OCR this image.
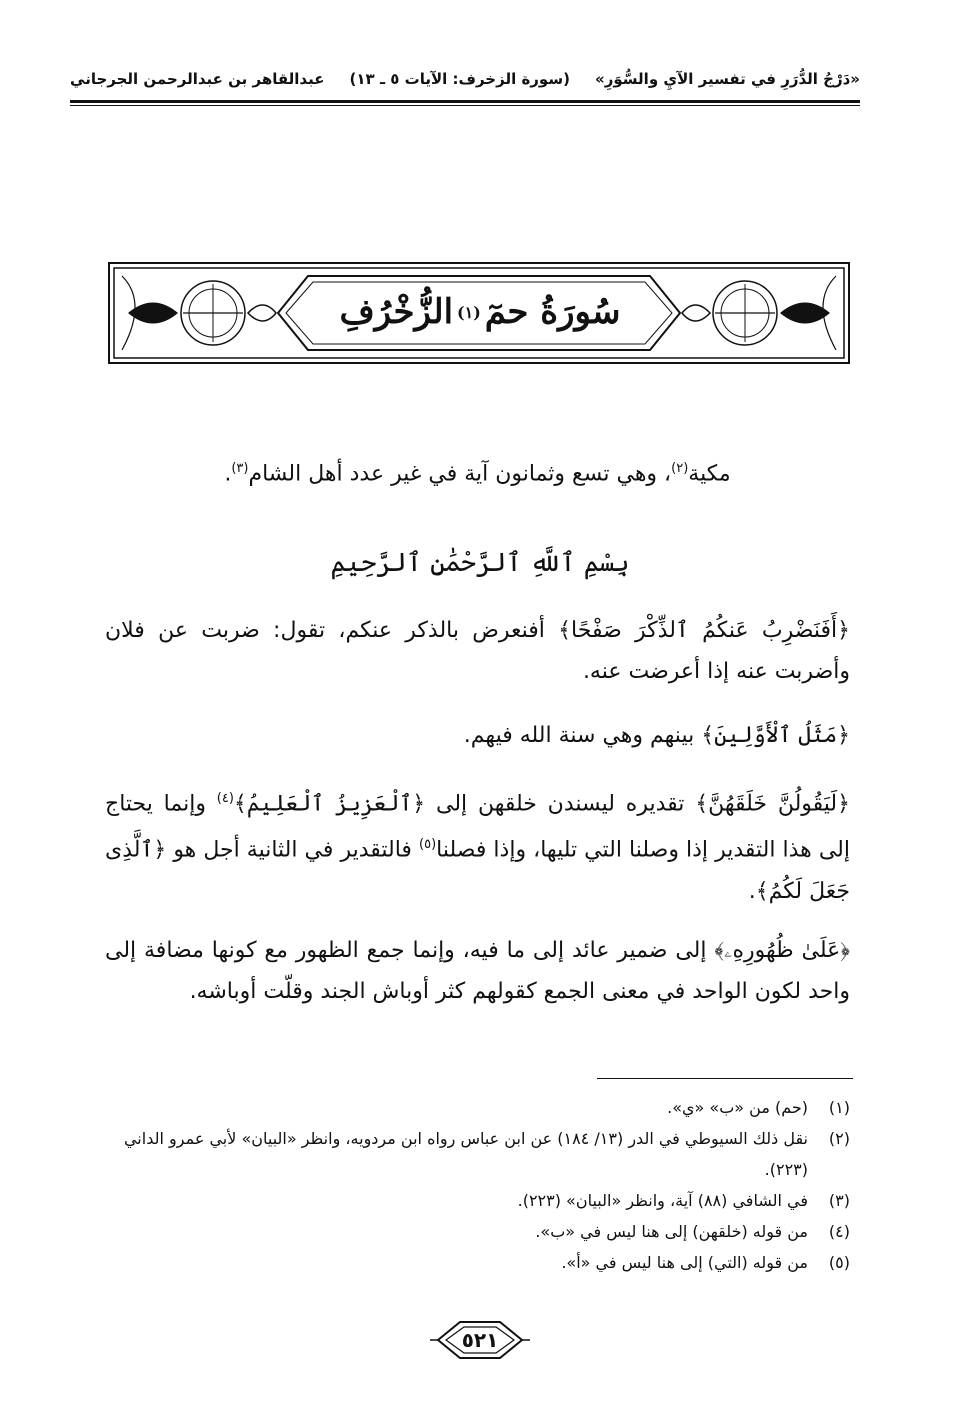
«دَرْجُ الدُّرَرِ في تفسير الآيِ والسُّوَرِ»
(سورة الزخرف: الآيات ٥ ـ ١٣)
عبدالقاهر بن عبدالرحمن الجرجاني
سُورَةُ حمٓ
(١)
الزُّخْرُفِ
مكية$^{(٢)}$، وهي تسع وثمانون آية في غير عدد أهل الشام$^{(٣)}$.
بِسْمِ ٱللَّهِ ٱلرَّحْمَٰنِ ٱلرَّحِيمِ
﴿أَفَنَضْرِبُ عَنكُمُ ٱلذِّكْرَ صَفْحًا﴾ أفنعرض بالذكر عنكم، تقول: ضربت عن فلان وأضربت عنه إذا أعرضت عنه.
﴿مَثَلُ ٱلْأَوَّلِينَ﴾ بينهم وهي سنة الله فيهم.
﴿لَيَقُولُنَّ خَلَقَهُنَّ﴾ تقديره ليسندن خلقهن إلى ﴿ٱلْعَزِيزُ ٱلْعَلِيمُ﴾$^{(٤)}$ وإنما يحتاج إلى هذا التقدير إذا وصلنا التي تليها، وإذا فصلنا$^{(٥)}$ فالتقدير في الثانية أجل هو ﴿ٱلَّذِى جَعَلَ لَكُمُ﴾.
﴿عَلَىٰ ظُهُورِهِۦ﴾ إلى ضمير عائد إلى ما فيه، وإنما جمع الظهور مع كونها مضافة إلى واحد لكون الواحد في معنى الجمع كقولهم كثر أوباش الجند وقلّت أوباشه.
(١)
(حم) من «ب» «ي».
(٢)
نقل ذلك السيوطي في الدر (١٣/ ١٨٤) عن ابن عباس رواه ابن مردويه، وانظر «البيان» لأبي عمرو الداني (٢٢٣).
(٣)
في الشافي (٨٨) آية، وانظر «البيان» (٢٢٣).
(٤)
من قوله (خلقهن) إلى هنا ليس في «ب».
(٥)
من قوله (التي) إلى هنا ليس في «أ».
٥٢١
